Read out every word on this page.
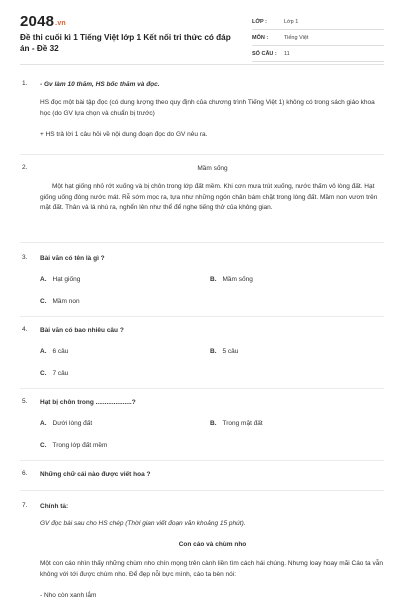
2048.vn
Đề thi cuối kì 1 Tiếng Việt lớp 1 Kết nối tri thức có đáp án - Đề 32
LỚP :	Lớp 1
MÔN :	Tiếng Việt
SỐ CÂU :	11
1. - Gv làm 10 thăm, HS bốc thăm và đọc.
HS đọc một bài tập đọc (có dung lượng theo quy định của chương trình Tiếng Việt 1) không có trong sách giáo khoa học (do GV lựa chọn và chuẩn bị trước)
+ HS trả lời 1 câu hỏi về nội dung đoạn đọc do GV nêu ra.
2.	Mầm sống
Một hạt giống nhỏ rớt xuống và bị chôn trong lớp đất mềm. Khi cơn mưa trút xuống, nước thấm vô lòng đất. Hạt giống uống đóng nước mát. Rễ sớm mọc ra, tựa như những ngón chân bám chặt trong lòng đất. Mầm non vươn trên mặt đất. Thân và lá nhú ra, nghển lên như thể để nghe tiếng thở của không gian.
3. Bài văn có tên là gì ?
A. Hạt giống	B. Mầm sống
C. Mầm non
4. Bài văn có bao nhiêu câu ?
A. 6 câu	B. 5 câu
C. 7 câu
5. Hạt bị chôn trong ....................?
A. Dưới lòng đất	B. Trong mặt đất
C. Trong lớp đất mềm
6. Những chữ cái nào được viết hoa ?
7. Chính tả:
GV đọc bài sau cho HS chép (Thời gian viết đoạn văn khoảng 15 phút).
Con cáo và chùm nho
Một con cáo nhìn thấy những chùm nho chín mọng trên cành liền tìm cách hái chúng. Nhưng loay hoay mãi Cáo ta vẫn không với tới được chùm nho. Để đẹp nỗi bực mình, cáo ta bèn nói:
- Nho còn xanh lắm
